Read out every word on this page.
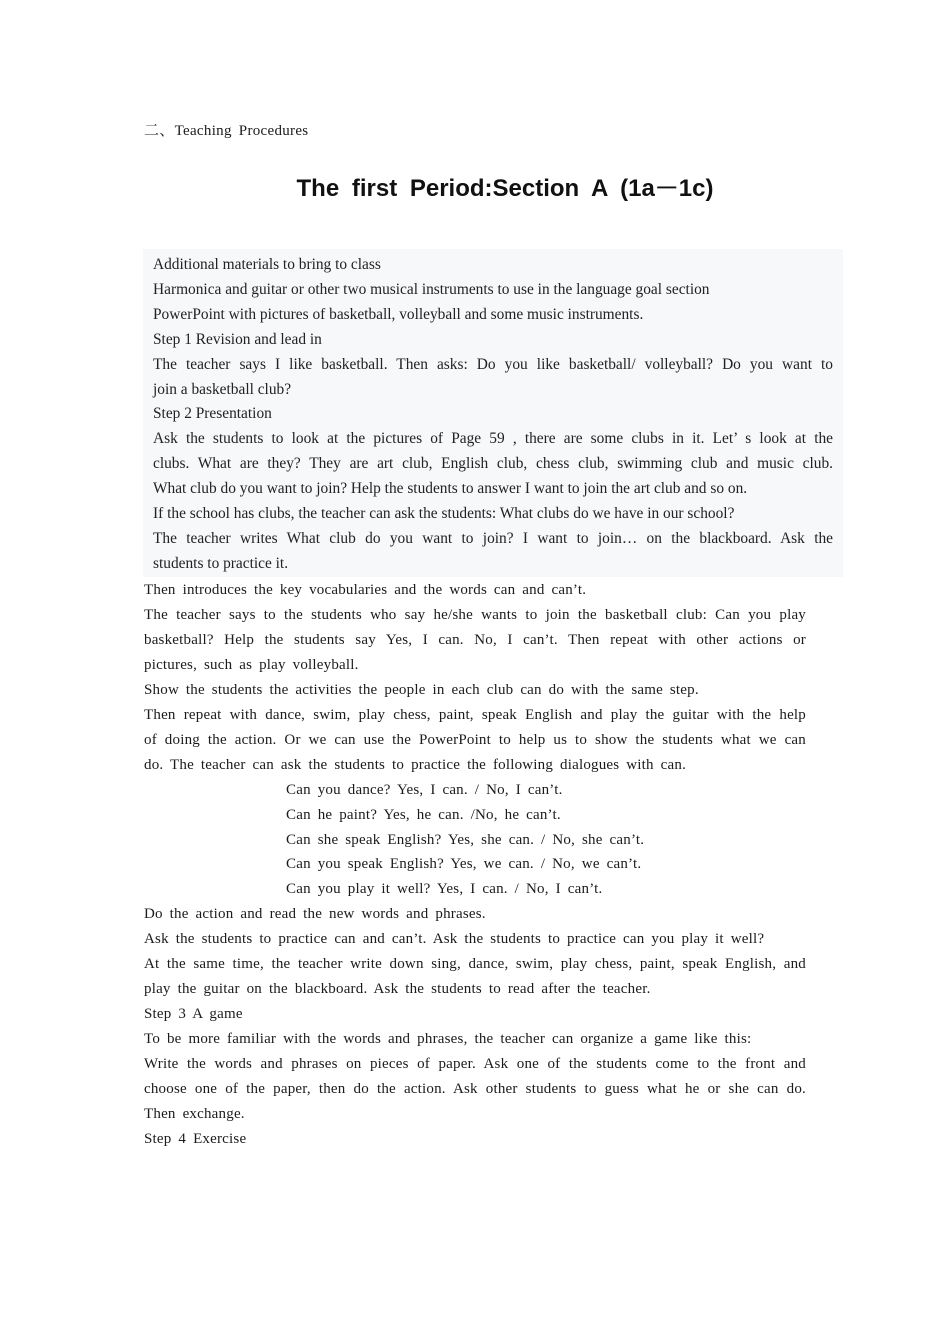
二、Teaching Procedures
The first Period:Section A (1a－1c)
Additional materials to bring to class
Harmonica and guitar or other two musical instruments to use in the language goal section
PowerPoint with pictures of basketball, volleyball and some music instruments.
Step 1 Revision and lead in
The teacher says I like basketball. Then asks: Do you like basketball/ volleyball? Do you want to
join a basketball club?
Step 2 Presentation
Ask the students to look at the pictures of Page 59 , there are some clubs in it. Let’ s look at the
clubs. What are they? They are art club, English club, chess club, swimming club and music club.
What club do you want to join? Help the students to answer I want to join the art club and so on.
If the school has clubs, the teacher can ask the students: What clubs do we have in our school?
The teacher writes What club do you want to join? I want to join… on the blackboard. Ask the
students to practice it.

Then introduces the key vocabularies and the words can and can’t.

The teacher says to the students who say he/she wants to join the basketball club: Can you play basketball? Help the students say Yes, I can. No, I can’t. Then repeat with other actions or pictures, such as play volleyball.

Show the students the activities the people in each club can do with the same step.

Then repeat with dance, swim, play chess, paint, speak English and play the guitar with the help of doing the action. Or we can use the PowerPoint to help us to show the students what we can do. The teacher can ask the students to practice the following dialogues with can.

Can you dance? Yes, I can. / No, I can’t.

Can he paint? Yes, he can. /No, he can’t.

Can she speak English? Yes, she can. / No, she can’t.

Can you speak English? Yes, we can. / No, we can’t.

Can you play it well? Yes, I can. / No, I can’t.

Do the action and read the new words and phrases.

Ask the students to practice can and can’t. Ask the students to practice can you play it well?

At the same time, the teacher write down sing, dance, swim, play chess, paint, speak English, and play the guitar on the blackboard. Ask the students to read after the teacher.

Step 3 A game

To be more familiar with the words and phrases, the teacher can organize a game like this:

Write the words and phrases on pieces of paper. Ask one of the students come to the front and choose one of the paper, then do the action. Ask other students to guess what he or she can do. Then exchange.

Step 4 Exercise
